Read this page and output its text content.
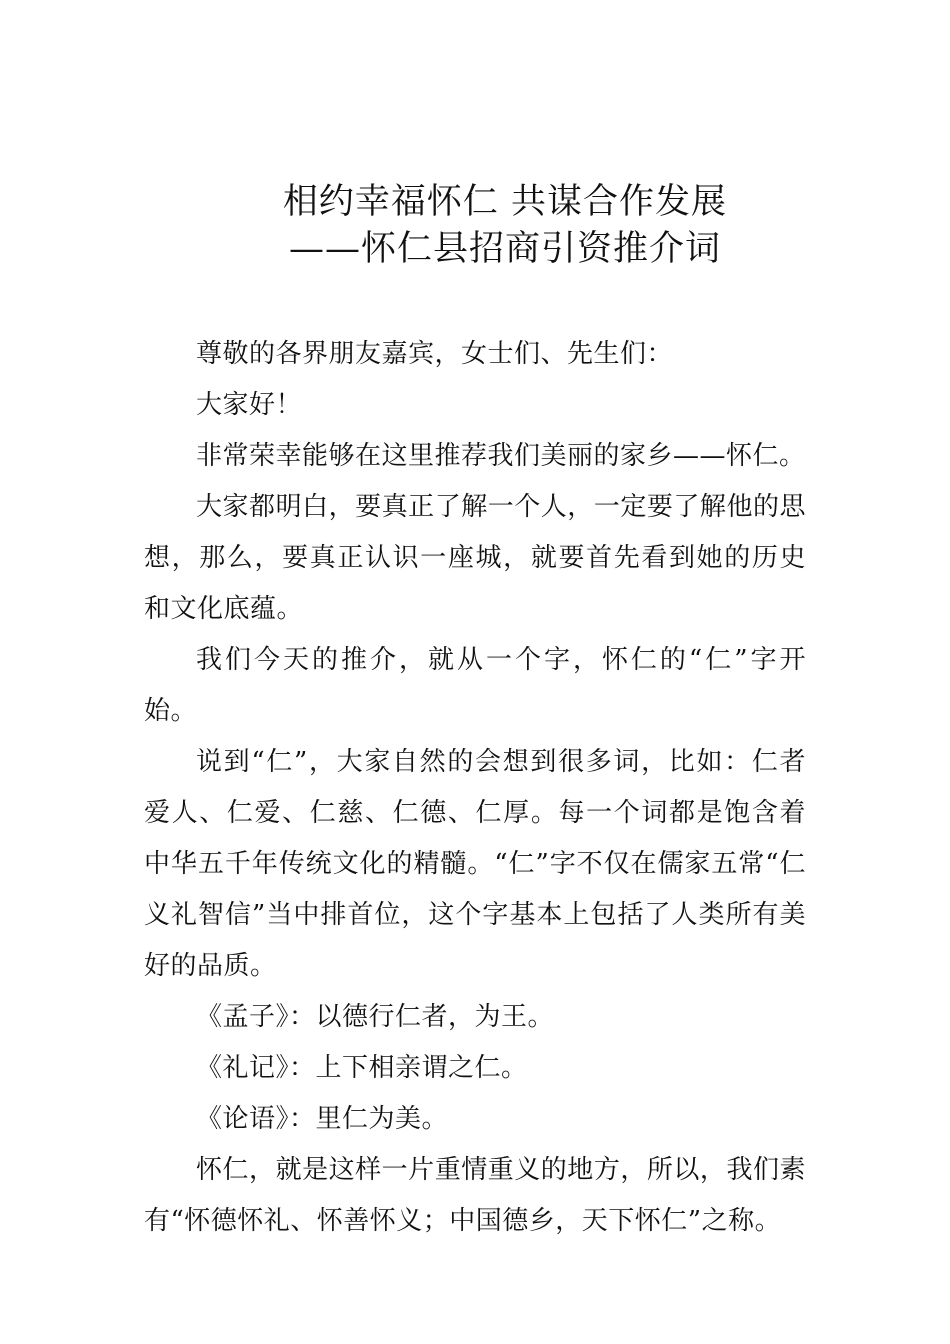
相约幸福怀仁 共谋合作发展
——怀仁县招商引资推介词

尊敬的各界朋友嘉宾，女士们、先生们：

大家好！

非常荣幸能够在这里推荐我们美丽的家乡——怀仁。

大家都明白，要真正了解一个人，一定要了解他的思想，那么，要真正认识一座城，就要首先看到她的历史和文化底蕴。

我们今天的推介，就从一个字，怀仁的“仁”字开始。

说到“仁”，大家自然的会想到很多词，比如：仁者爱人、仁爱、仁慈、仁德、仁厚。每一个词都是饱含着中华五千年传统文化的精髓。“仁”字不仅在儒家五常“仁义礼智信”当中排首位，这个字基本上包括了人类所有美好的品质。

《孟子》：以德行仁者，为王。

《礼记》：上下相亲谓之仁。

《论语》：里仁为美。

怀仁，就是这样一片重情重义的地方，所以，我们素有“怀德怀礼、怀善怀义；中国德乡，天下怀仁”之称。
